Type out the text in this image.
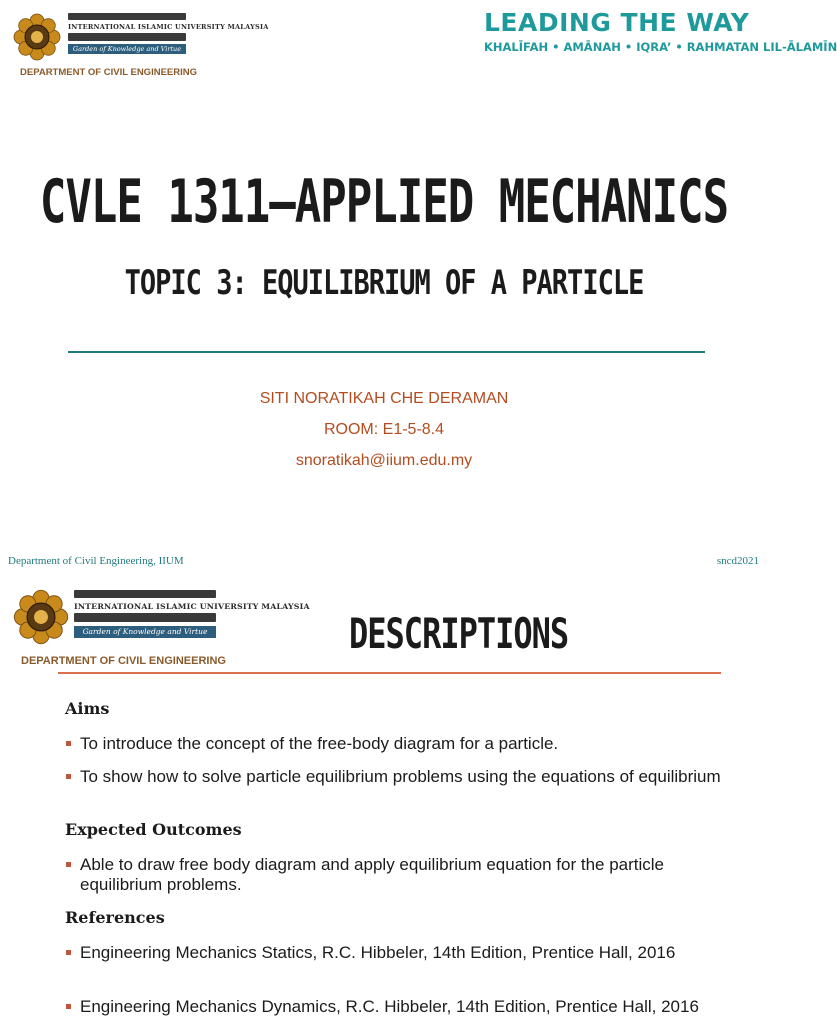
INTERNATIONAL ISLAMIC UNIVERSITY MALAYSIA
Garden of Knowledge and Virtue
DEPARTMENT OF CIVIL ENGINEERING
LEADING THE WAY
KHALĪFAH • AMĀNAH • IQRA’ • RAHMATAN LIL-ĀLAMĪN
CVLE 1311–APPLIED MECHANICS
TOPIC 3: EQUILIBRIUM OF A PARTICLE
SITI NORATIKAH CHE DERAMAN
ROOM: E1-5-8.4
snoratikah@iium.edu.my
Department of Civil Engineering, IIUM	sncd2021
INTERNATIONAL ISLAMIC UNIVERSITY MALAYSIA
Garden of Knowledge and Virtue
DEPARTMENT OF CIVIL ENGINEERING
DESCRIPTIONS
Aims
To introduce the concept of the free-body diagram for a particle.
To show how to solve particle equilibrium problems using the equations of equilibrium
Expected Outcomes
Able to draw free body diagram and apply equilibrium equation for the particle equilibrium problems.
References
Engineering Mechanics Statics, R.C. Hibbeler, 14th Edition, Prentice Hall, 2016
Engineering Mechanics Dynamics, R.C. Hibbeler, 14th Edition, Prentice Hall, 2016
